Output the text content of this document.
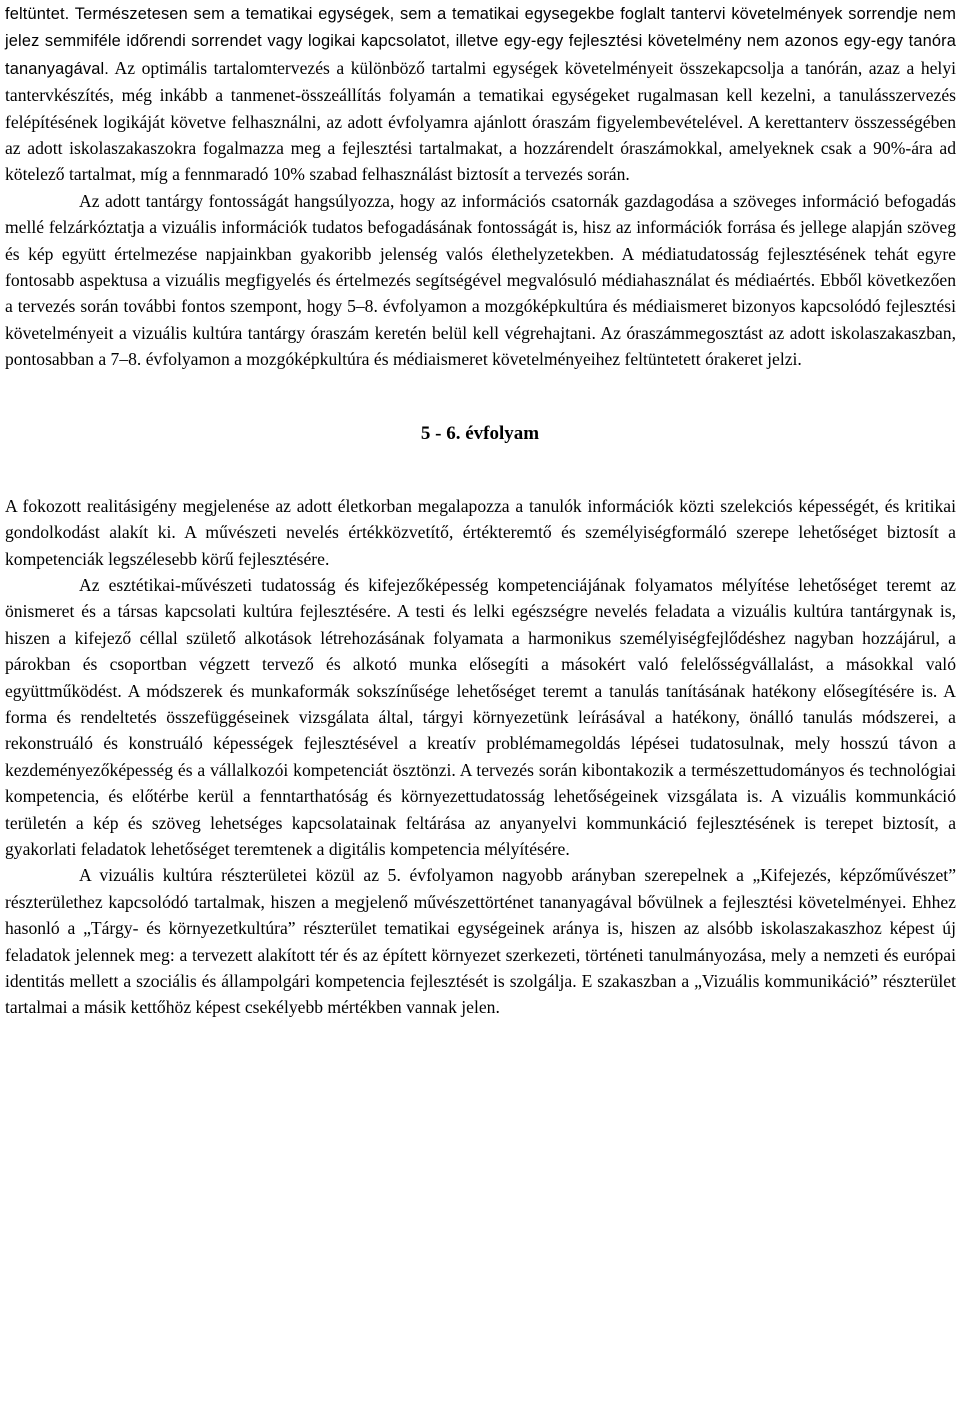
feltüntet. Természetesen sem a tematikai egységek, sem a tematikai egysegekbe foglalt tantervi követelmények sorrendje nem jelez semmiféle időrendi sorrendet vagy logikai kapcsolatot, illetve egy-egy fejlesztési követelmény nem azonos egy-egy tanóra tananyagával. Az optimális tartalomtervezés a különböző tartalmi egységek követelményeit összekapcsolja a tanórán, azaz a helyi tantervkészítés, még inkább a tanmenet-összeállítás folyamán a tematikai egységeket rugalmasan kell kezelni, a tanulásszervezés felépítésének logikáját követve felhasználni, az adott évfolyamra ajánlott óraszám figyelembevételével. A kerettanterv összességében az adott iskolaszakaszokra fogalmazza meg a fejlesztési tartalmakat, a hozzárendelt óraszámokkal, amelyeknek csak a 90%-ára ad kötelező tartalmat, míg a fennmaradó 10% szabad felhasználást biztosít a tervezés során.

Az adott tantárgy fontosságát hangsúlyozza, hogy az információs csatornák gazdagodása a szöveges információ befogadás mellé felzárkóztatja a vizuális információk tudatos befogadásának fontosságát is, hisz az információk forrása és jellege alapján szöveg és kép együtt értelmezése napjainkban gyakoribb jelenség valós élethelyzetekben. A médiatudatosság fejlesztésének tehát egyre fontosabb aspektusa a vizuális megfigyelés és értelmezés segítségével megvalósuló médiahasználat és médiaértés. Ebből következően a tervezés során további fontos szempont, hogy 5–8. évfolyamon a mozgóképkultúra és médiaismeret bizonyos kapcsolódó fejlesztési követelményeit a vizuális kultúra tantárgy óraszám keretén belül kell végrehajtani. Az óraszámmegosztást az adott iskolaszakaszban, pontosabban a 7–8. évfolyamon a mozgóképkultúra és médiaismeret követelményeihez feltüntetett órakeret jelzi.

5 - 6. évfolyam

A fokozott realitásigény megjelenése az adott életkorban megalapozza a tanulók információk közti szelekciós képességét, és kritikai gondolkodást alakít ki. A művészeti nevelés értékközvetítő, értékteremtő és személyiségformáló szerepe lehetőséget biztosít a kompetenciák legszélesebb körű fejlesztésére.

Az esztétikai-művészeti tudatosság és kifejezőképesség kompetenciájának folyamatos mélyítése lehetőséget teremt az önismeret és a társas kapcsolati kultúra fejlesztésére. A testi és lelki egészségre nevelés feladata a vizuális kultúra tantárgynak is, hiszen a kifejező céllal születő alkotások létrehozásának folyamata a harmonikus személyiségfejlődéshez nagyban hozzájárul, a párokban és csoportban végzett tervező és alkotó munka elősegíti a másokért való felelősségvállalást, a másokkal való együttműködést. A módszerek és munkaformák sokszínűsége lehetőséget teremt a tanulás tanításának hatékony elősegítésére is. A forma és rendeltetés összefüggéseinek vizsgálata által, tárgyi környezetünk leírásával a hatékony, önálló tanulás módszerei, a rekonstruáló és konstruáló képességek fejlesztésével a kreatív problémamegoldás lépései tudatosulnak, mely hosszú távon a kezdeményezőképesség és a vállalkozói kompetenciát ösztönzi. A tervezés során kibontakozik a természettudományos és technológiai kompetencia, és előtérbe kerül a fenntarthatóság és környezettudatosság lehetőségeinek vizsgálata is. A vizuális kommunkáció területén a kép és szöveg lehetséges kapcsolatainak feltárása az anyanyelvi kommunkáció fejlesztésének is terepet biztosít, a gyakorlati feladatok lehetőséget teremtenek a digitális kompetencia mélyítésére.

A vizuális kultúra részterületei közül az 5. évfolyamon nagyobb arányban szerepelnek a „Kifejezés, képzőművészet” részterülethez kapcsolódó tartalmak, hiszen a megjelenő művészettörténet tananyagával bővülnek a fejlesztési követelményei. Ehhez hasonló a „Tárgy- és környezetkultúra” részterület tematikai egységeinek aránya is, hiszen az alsóbb iskolaszakaszhoz képest új feladatok jelennek meg: a tervezett alakított tér és az épített környezet szerkezeti, történeti tanulmányozása, mely a nemzeti és európai identitás mellett a szociális és állampolgári kompetencia fejlesztését is szolgálja. E szakaszban a „Vizuális kommunikáció” részterület tartalmai a másik kettőhöz képest csekélyebb mértékben vannak jelen.
